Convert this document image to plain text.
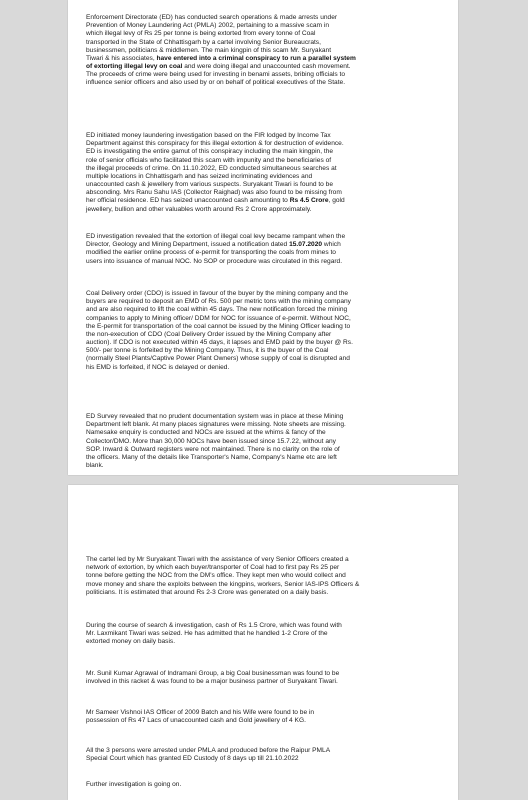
Enforcement Directorate (ED) has conducted search operations & made arrests under
Prevention of Money Laundering Act (PMLA) 2002, pertaining to a massive scam in
which illegal levy of Rs 25 per tonne is being extorted from every tonne of Coal
transported in the State of Chhattisgarh by a cartel involving Senior Bureaucrats,
businessmen, politicians & middlemen. The main kingpin of this scam Mr. Suryakant
Tiwari & his associates, have entered into a criminal conspiracy to run a parallel system
of extorting illegal levy on coal and were doing illegal and unaccounted cash movement.
The proceeds of crime were being used for investing in benami assets, bribing officials to
influence senior officers and also used by or on behalf of political executives of the State.

ED initiated money laundering investigation based on the FIR lodged by Income Tax
Department against this conspiracy for this illegal extortion & for destruction of evidence.
ED is investigating the entire gamut of this conspiracy including the main kingpin, the
role of senior officials who facilitated this scam with impunity and the beneficiaries of
the illegal proceeds of crime. On 11.10.2022, ED conducted simultaneous searches at
multiple locations in Chhattisgarh and has seized incriminating evidences and
unaccounted cash & jewellery from various suspects. Suryakant Tiwari is found to be
absconding. Mrs Ranu Sahu IAS (Collector Raighad) was also found to be missing from
her official residence. ED has seized unaccounted cash amounting to Rs 4.5 Crore, gold
jewellery, bullion and other valuables worth around Rs 2 Crore approximately.

ED investigation revealed that the extortion of illegal coal levy became rampant when the
Director, Geology and Mining Department, issued a notification dated 15.07.2020 which
modified the earlier online process of e-permit for transporting the coals from mines to
users into issuance of manual NOC. No SOP or procedure was circulated in this regard.

Coal Delivery order (CDO) is issued in favour of the buyer by the mining company and the
buyers are required to deposit an EMD of Rs. 500 per metric tons with the mining company
and are also required to lift the coal within 45 days. The new notification forced the mining
companies to apply to Mining officer/ DDM for NOC for issuance of e-permit. Without NOC,
the E-permit for transportation of the coal cannot be issued by the Mining Officer leading to
the non-execution of CDO (Coal Delivery Order issued by the Mining Company after
auction). If CDO is not executed within 45 days, it lapses and EMD paid by the buyer @ Rs.
500/- per tonne is forfeited by the Mining Company. Thus, it is the buyer of the Coal
(normally Steel Plants/Captive Power Plant Owners) whose supply of coal is disrupted and
his EMD is forfeited, if NOC is delayed or denied.

ED Survey revealed that no prudent documentation system was in place at these Mining
Department left blank. At many places signatures were missing. Note sheets are missing.
Namesake enquiry is conducted and NOCs are issued at the whims & fancy of the
Collector/DMO. More than 30,000 NOCs have been issued since 15.7.22, without any
SOP. Inward & Outward registers were not maintained. There is no clarity on the role of
the officers. Many of the details like Transporter's Name, Company's Name etc are left
blank.

The cartel led by Mr Suryakant Tiwari with the assistance of very Senior Officers created a
network of extortion, by which each buyer/transporter of Coal had to first pay Rs 25 per
tonne before getting the NOC from the DM's office. They kept men who would collect and
move money and share the exploits between the kingpins, workers, Senior IAS-IPS Officers &
politicians. It is estimated that around Rs 2-3 Crore was generated on a daily basis.

During the course of search & investigation, cash of Rs 1.5 Crore, which was found with
Mr. Laxmikant Tiwari was seized. He has admitted that he handled 1-2 Crore of the
extorted money on daily basis.

Mr. Sunil Kumar Agrawal of Indramani Group, a big Coal businessman was found to be
involved in this racket & was found to be a major business partner of Suryakant Tiwari.

Mr Sameer Vishnoi IAS Officer of 2009 Batch and his Wife were found to be in
possession of Rs 47 Lacs of unaccounted cash and Gold jewellery of 4 KG.

All the 3 persons were arrested under PMLA and produced before the Raipur PMLA
Special Court which has granted ED Custody of 8 days up till 21.10.2022

Further investigation is going on.
